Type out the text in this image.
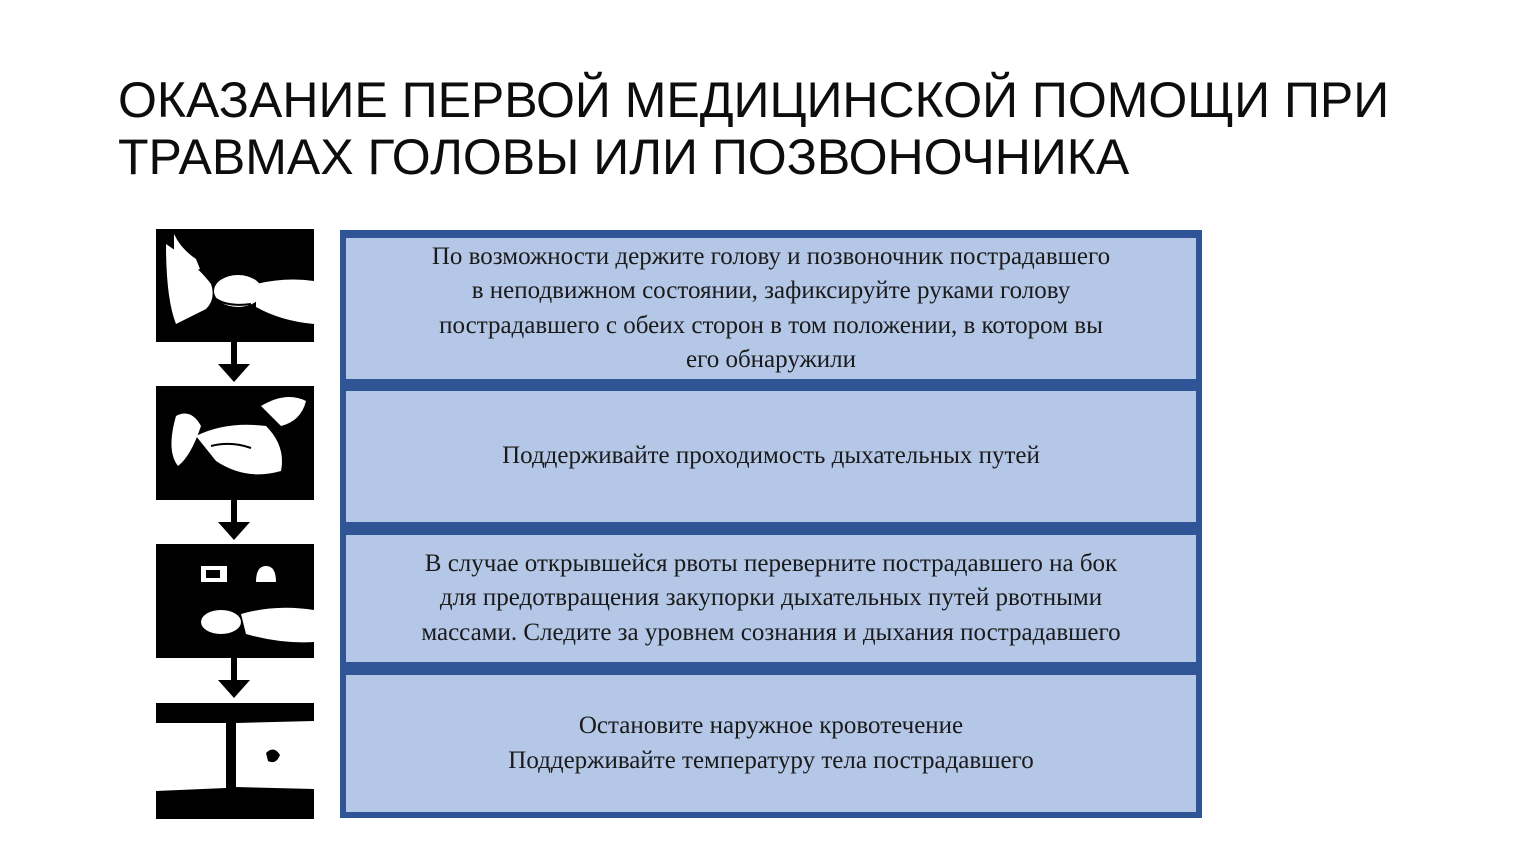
ОКАЗАНИЕ ПЕРВОЙ МЕДИЦИНСКОЙ ПОМОЩИ ПРИ
ТРАВМАХ ГОЛОВЫ ИЛИ ПОЗВОНОЧНИКА
По возможности держите голову и позвоночник пострадавшего
в неподвижном состоянии, зафиксируйте руками голову
пострадавшего с обеих сторон в том положении, в котором вы
его обнаружили
Поддерживайте проходимость дыхательных путей
В случае открывшейся рвоты переверните пострадавшего на бок
для предотвращения закупорки дыхательных путей рвотными
массами. Следите за уровнем сознания и дыхания пострадавшего
Остановите наружное кровотечение
Поддерживайте температуру тела пострадавшего
